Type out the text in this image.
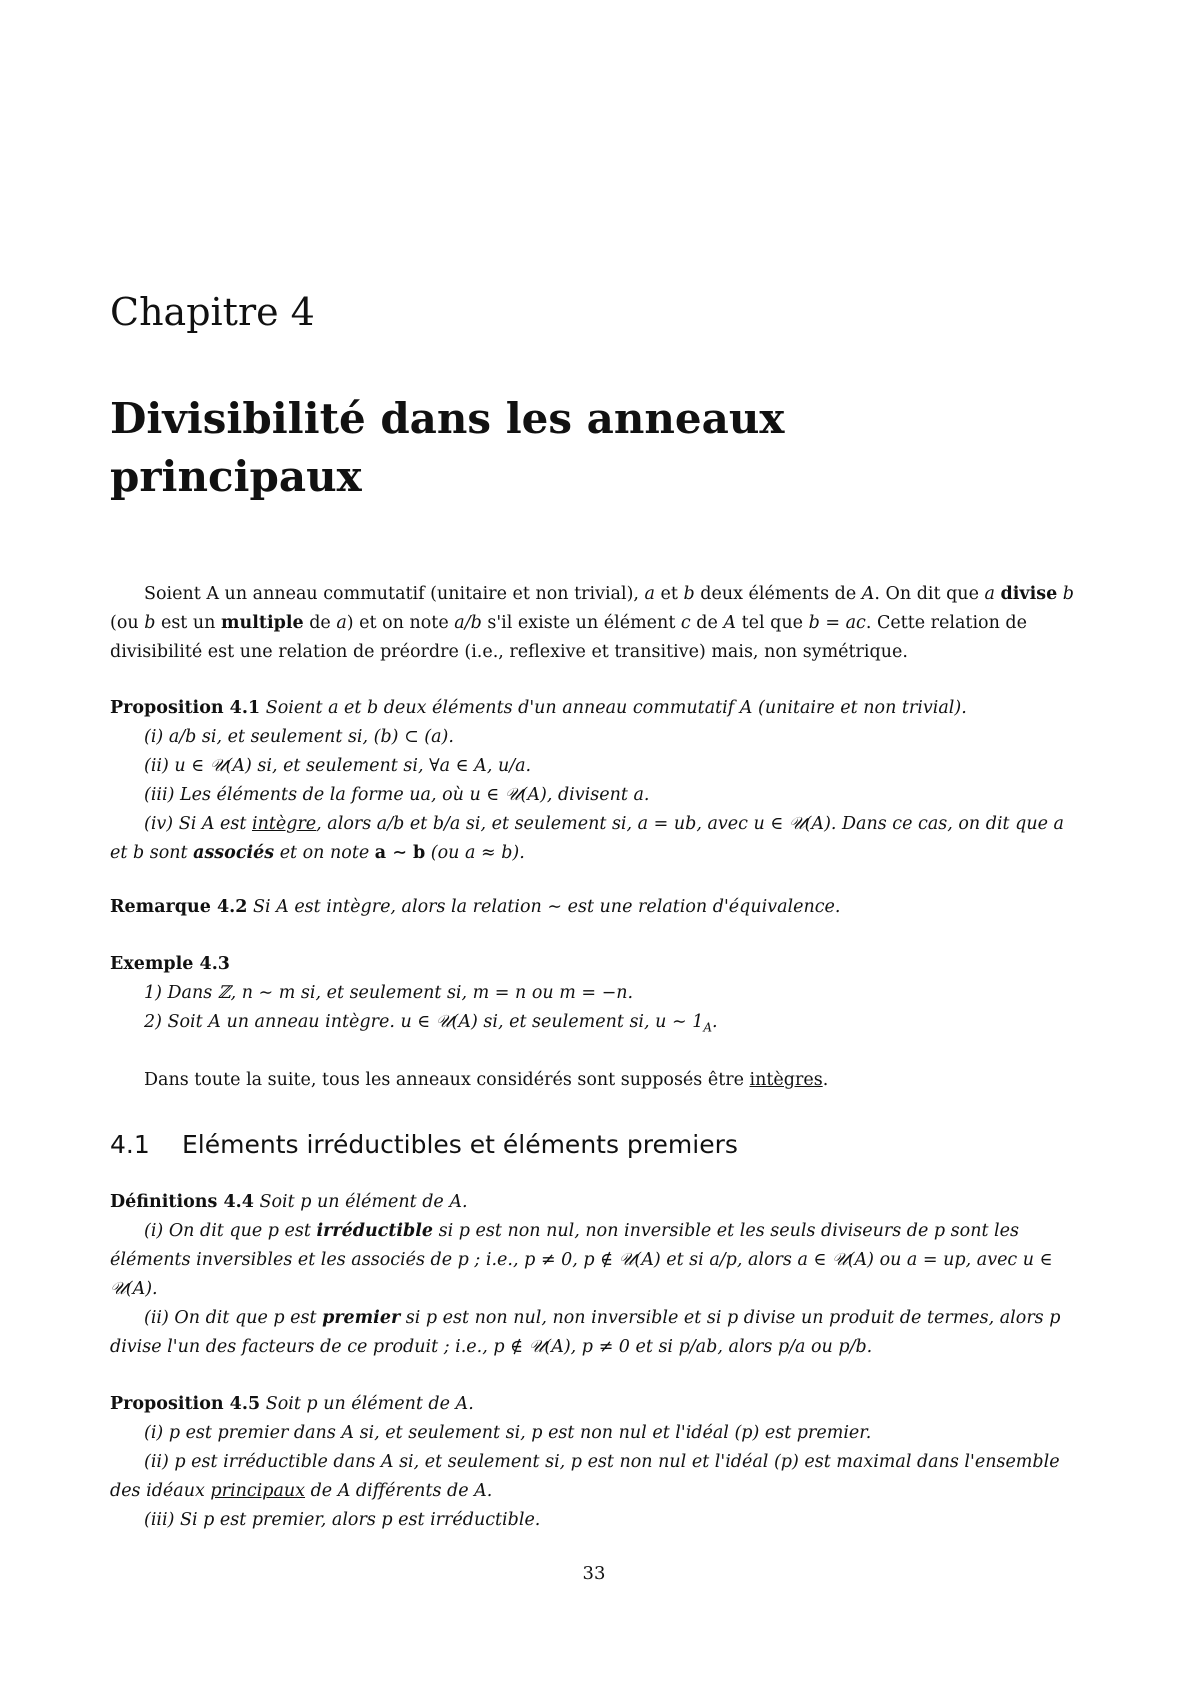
Chapitre 4
Divisibilité dans les anneaux principaux

Soient A un anneau commutatif (unitaire et non trivial), a et b deux éléments de A. On dit que a divise b (ou b est un multiple de a) et on note a/b s'il existe un élément c de A tel que b = ac. Cette relation de divisibilité est une relation de préordre (i.e., reflexive et transitive) mais, non symétrique.

Proposition 4.1 Soient a et b deux éléments d'un anneau commutatif A (unitaire et non trivial).

(i) a/b si, et seulement si, (b) ⊂ (a).

(ii) u ∈ 𝒰(A) si, et seulement si, ∀a ∈ A, u/a.

(iii) Les éléments de la forme ua, où u ∈ 𝒰(A), divisent a.

(iv) Si A est intègre, alors a/b et b/a si, et seulement si, a = ub, avec u ∈ 𝒰(A). Dans ce cas, on dit que a et b sont associés et on note a ∼ b (ou a ≈ b).

Remarque 4.2 Si A est intègre, alors la relation ∼ est une relation d'équivalence.

Exemple 4.3

1) Dans ℤ, n ∼ m si, et seulement si, m = n ou m = −n.

2) Soit A un anneau intègre. u ∈ 𝒰(A) si, et seulement si, u ∼ $1_A$.

Dans toute la suite, tous les anneaux considérés sont supposés être intègres.

4.1 Eléments irréductibles et éléments premiers

Définitions 4.4 Soit p un élément de A.

(i) On dit que p est irréductible si p est non nul, non inversible et les seuls diviseurs de p sont les éléments inversibles et les associés de p ; i.e., p ≠ 0, p ∉ 𝒰(A) et si a/p, alors a ∈ 𝒰(A) ou a = up, avec u ∈ 𝒰(A).

(ii) On dit que p est premier si p est non nul, non inversible et si p divise un produit de termes, alors p divise l'un des facteurs de ce produit ; i.e., p ∉ 𝒰(A), p ≠ 0 et si p/ab, alors p/a ou p/b.

Proposition 4.5 Soit p un élément de A.

(i) p est premier dans A si, et seulement si, p est non nul et l'idéal (p) est premier.

(ii) p est irréductible dans A si, et seulement si, p est non nul et l'idéal (p) est maximal dans l'ensemble des idéaux principaux de A différents de A.

(iii) Si p est premier, alors p est irréductible.

33
